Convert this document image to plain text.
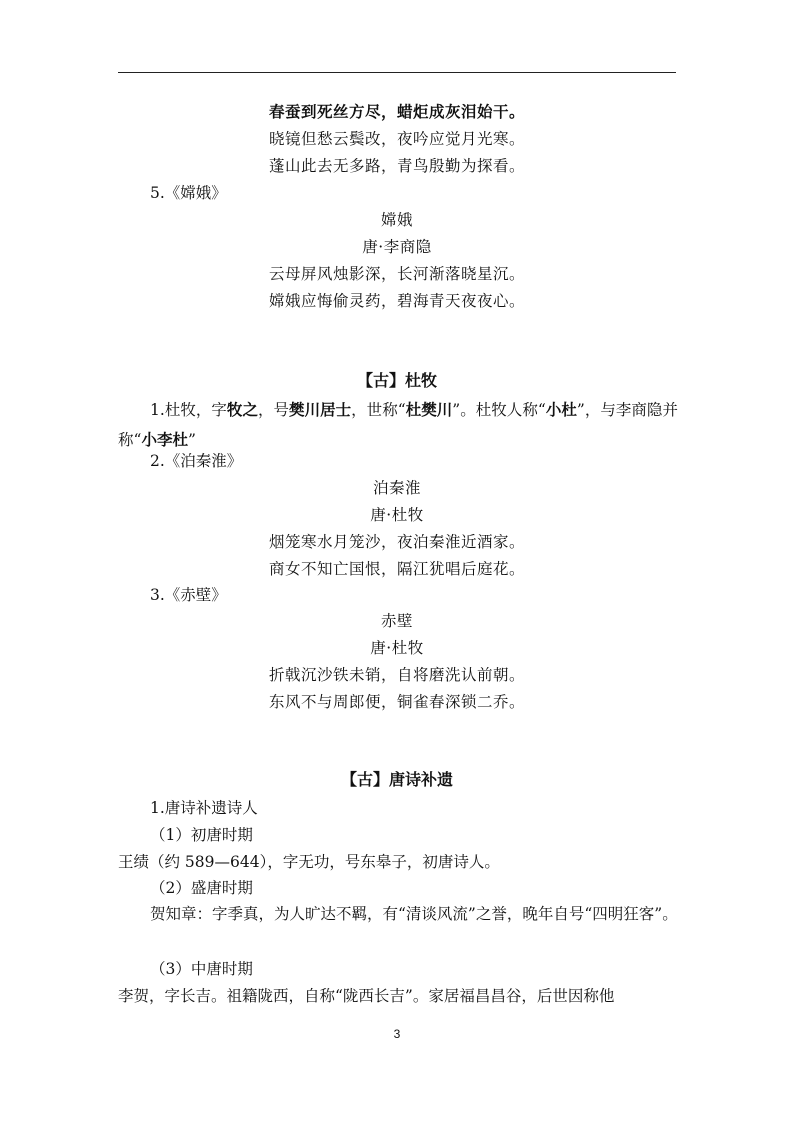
春蚕到死丝方尽，蜡炬成灰泪始干。
晓镜但愁云鬓改，夜吟应觉月光寒。
蓬山此去无多路，青鸟殷勤为探看。
5.《嫦娥》
嫦娥
唐·李商隐
云母屏风烛影深，长河渐落晓星沉。
嫦娥应悔偷灵药，碧海青天夜夜心。
【古】杜牧
1.杜牧，字牧之，号樊川居士，世称“杜樊川”。杜牧人称“小杜”，与李商隐并称“小李杜”
2.《泊秦淮》
泊秦淮
唐·杜牧
烟笼寒水月笼沙，夜泊秦淮近酒家。
商女不知亡国恨，隔江犹唱后庭花。
3.《赤壁》
赤壁
唐·杜牧
折戟沉沙铁未销，自将磨洗认前朝。
东风不与周郎便，铜雀春深锁二乔。
【古】唐诗补遗
1.唐诗补遗诗人
（1）初唐时期
王绩（约 589—644），字无功，号东皋子，初唐诗人。
（2）盛唐时期
贺知章：字季真，为人旷达不羁，有“清谈风流”之誉，晚年自号“四明狂客”。
（3）中唐时期
李贺，字长吉。祖籍陇西，自称“陇西长吉”。家居福昌昌谷，后世因称他
3
